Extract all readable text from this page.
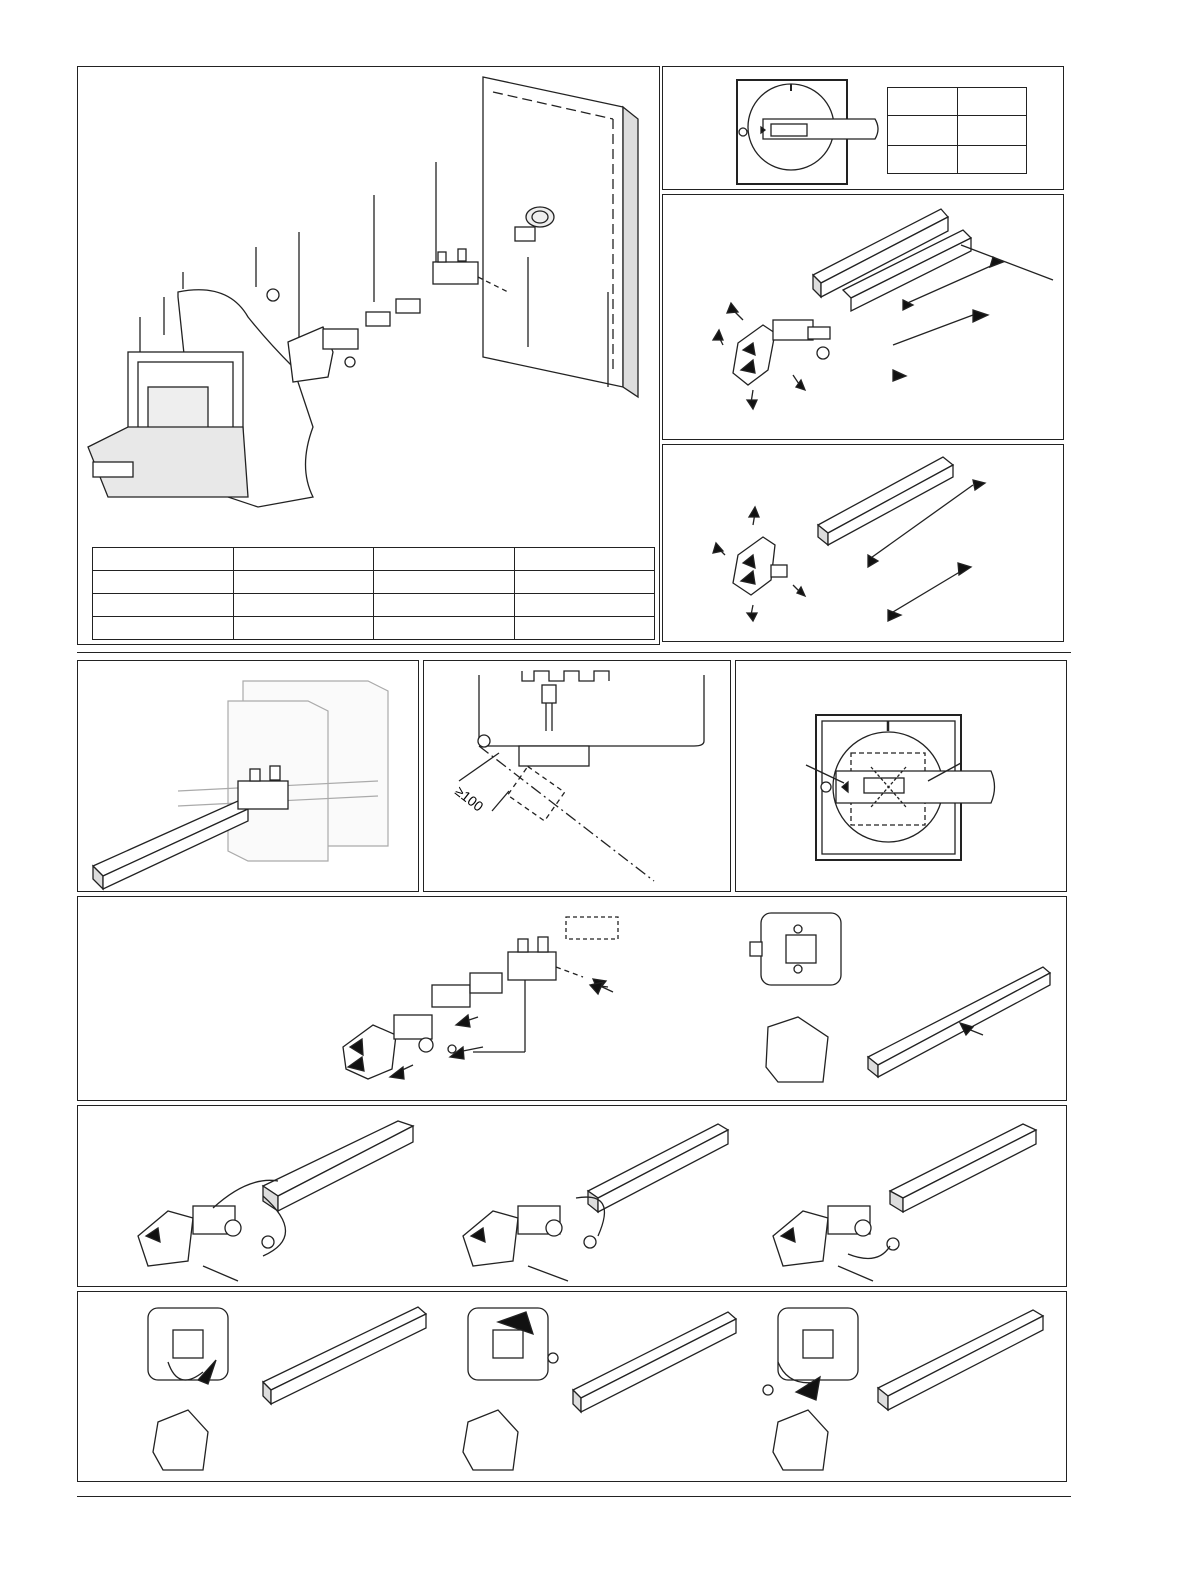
≥100
